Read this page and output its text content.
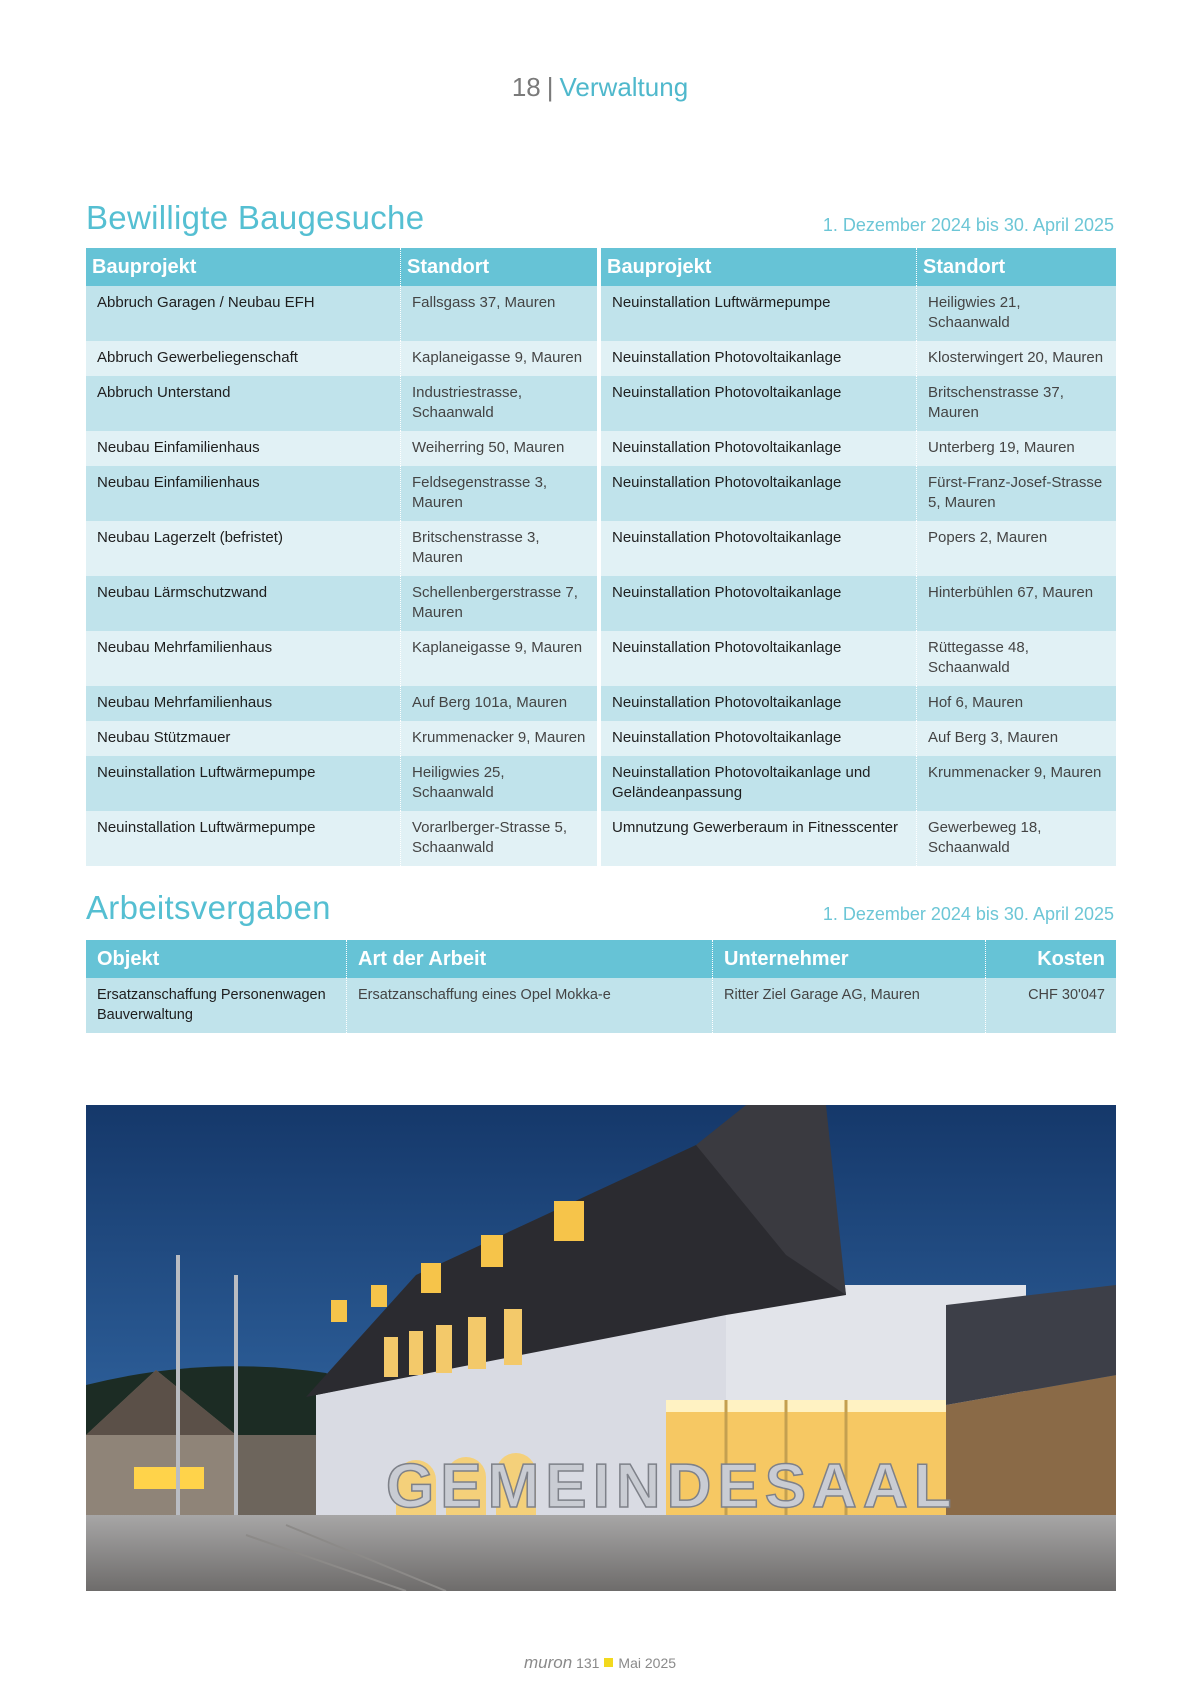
18 | Verwaltung
Bewilligte Baugesuche	1. Dezember 2024 bis 30. April 2025
Bauprojekt	Standort		Bauprojekt	Standort
Abbruch Garagen / Neubau EFH	Fallsgass 37, Mauren		Neuinstallation Luftwärmepumpe	Heiligwies 21, Schaanwald
Abbruch Gewerbeliegenschaft	Kaplaneigasse 9, Mauren		Neuinstallation Photovoltaikanlage	Klosterwingert 20, Mauren
Abbruch Unterstand	Industriestrasse, Schaanwald		Neuinstallation Photovoltaikanlage	Britschenstrasse 37, Mauren
Neubau Einfamilienhaus	Weiherring 50, Mauren		Neuinstallation Photovoltaikanlage	Unterberg 19, Mauren
Neubau Einfamilienhaus	Feldsegenstrasse 3, Mauren		Neuinstallation Photovoltaikanlage	Fürst-Franz-Josef-Strasse 5, Mauren
Neubau Lagerzelt (befristet)	Britschenstrasse 3, Mauren		Neuinstallation Photovoltaikanlage	Popers 2, Mauren
Neubau Lärmschutzwand	Schellenbergerstrasse 7, Mauren		Neuinstallation Photovoltaikanlage	Hinterbühlen 67, Mauren
Neubau Mehrfamilienhaus	Kaplaneigasse 9, Mauren		Neuinstallation Photovoltaikanlage	Rüttegasse 48, Schaanwald
Neubau Mehrfamilienhaus	Auf Berg 101a, Mauren		Neuinstallation Photovoltaikanlage	Hof 6, Mauren
Neubau Stützmauer	Krummenacker 9, Mauren		Neuinstallation Photovoltaikanlage	Auf Berg 3, Mauren
Neuinstallation Luftwärmepumpe	Heiligwies 25, Schaanwald		Neuinstallation Photovoltaikanlage und Geländeanpassung	Krummenacker 9, Mauren
Neuinstallation Luftwärmepumpe	Vorarlberger-Strasse 5, Schaanwald		Umnutzung Gewerberaum in Fitnesscenter	Gewerbeweg 18, Schaanwald
Arbeitsvergaben	1. Dezember 2024 bis 30. April 2025
Objekt	Art der Arbeit	Unternehmer	Kosten
Ersatzanschaffung Personenwagen Bauverwaltung	Ersatzanschaffung eines Opel Mokka-e	Ritter Ziel Garage AG, Mauren	CHF 30'047
GEMEINDESAAL
muron 131 Mai 2025
